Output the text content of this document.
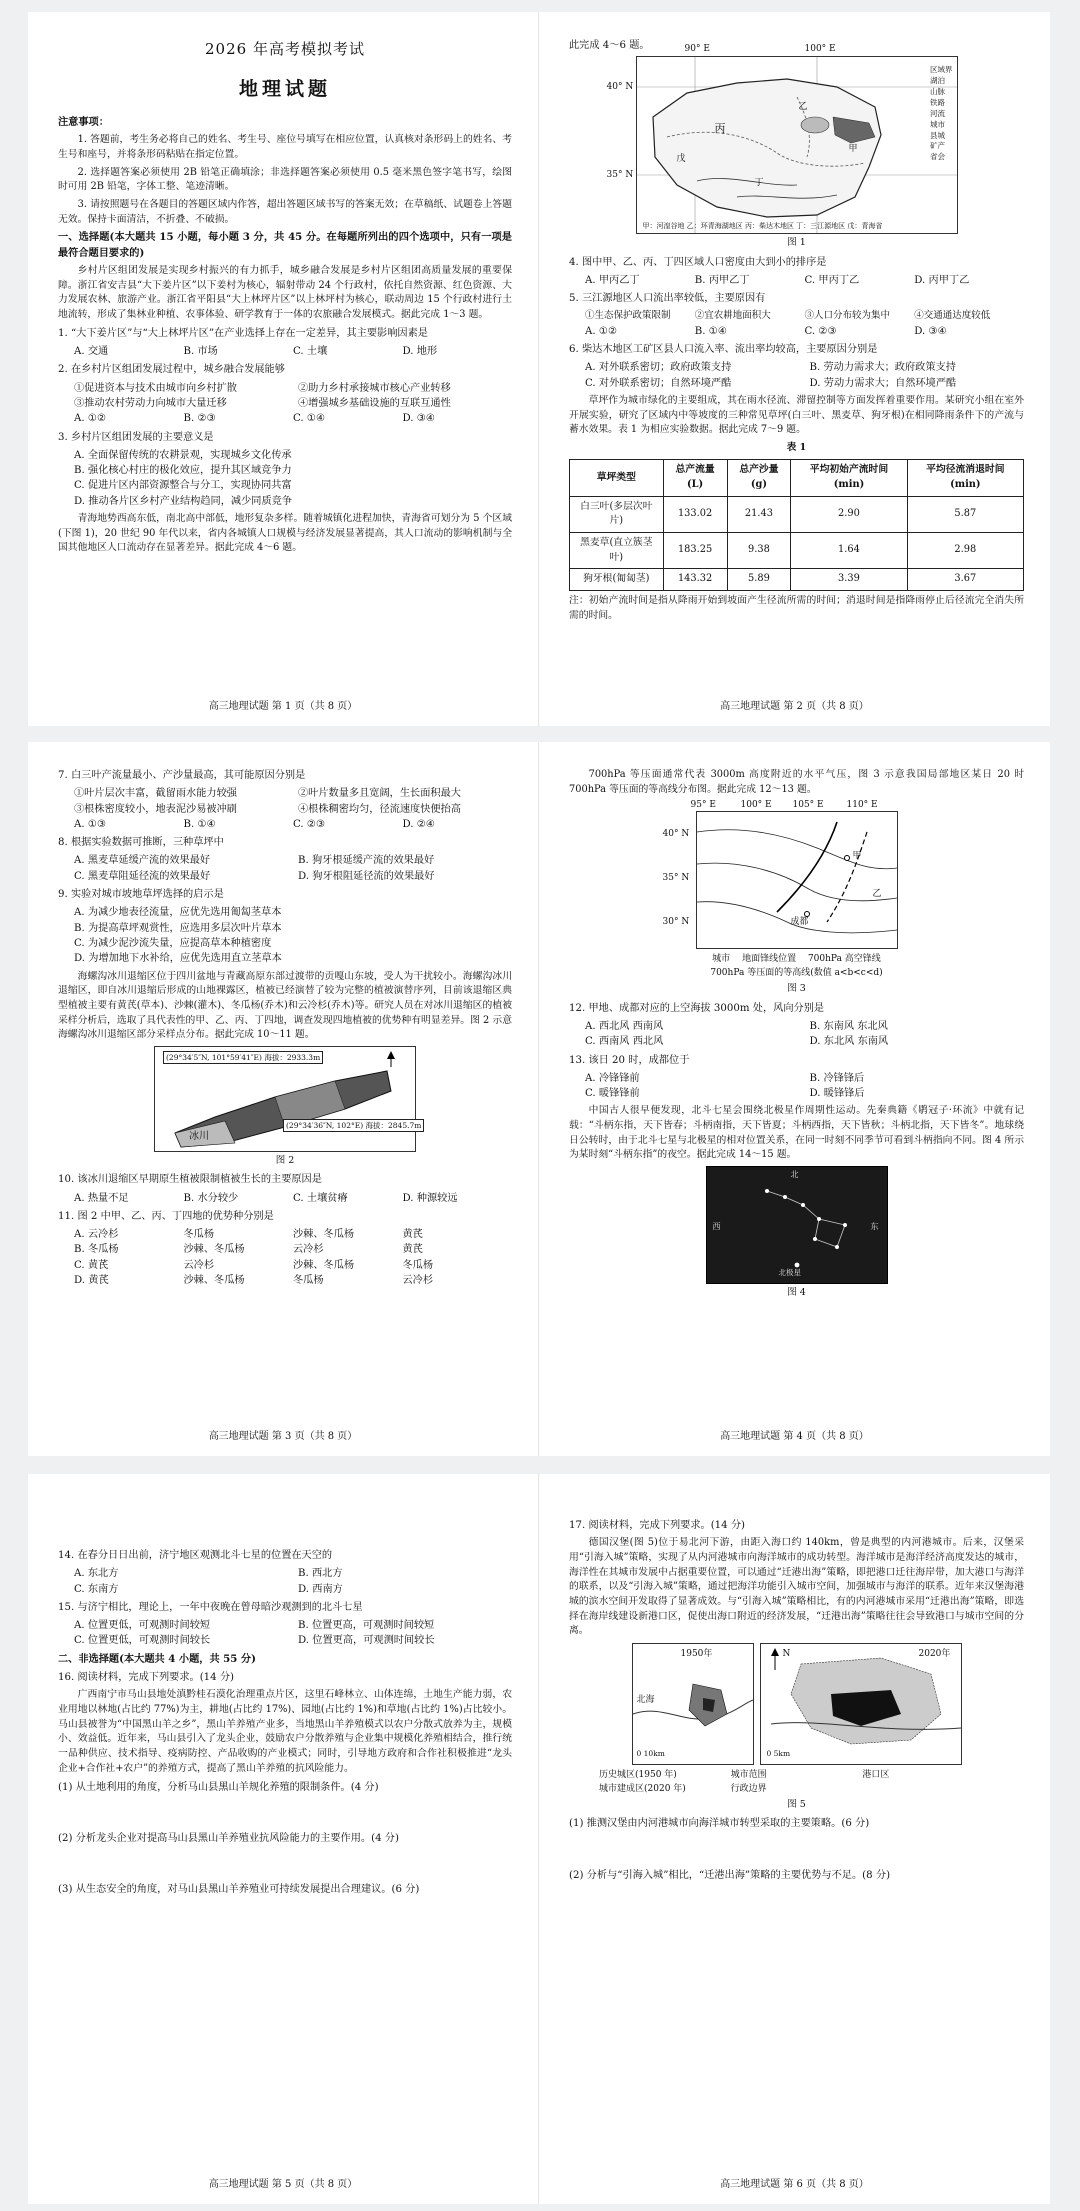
2026 年高考模拟考试
地理试题

注意事项：

1. 答题前，考生务必将自己的姓名、考生号、座位号填写在相应位置，认真核对条形码上的姓名、考生号和座号，并将条形码粘贴在指定位置。

2. 选择题答案必须使用 2B 铅笔正确填涂；非选择题答案必须使用 0.5 毫米黑色签字笔书写，绘图时可用 2B 铅笔，字体工整、笔迹清晰。

3. 请按照题号在各题目的答题区域内作答，超出答题区域书写的答案无效；在草稿纸、试题卷上答题无效。保持卡面清洁，不折叠、不破损。

一、选择题(本大题共 15 小题，每小题 3 分，共 45 分。在每题所列出的四个选项中，只有一项是最符合题目要求的)

乡村片区组团发展是实现乡村振兴的有力抓手，城乡融合发展是乡村片区组团高质量发展的重要保障。浙江省安吉县“大下姜片区”以下姜村为核心，辐射带动 24 个行政村，依托自然资源、红色资源、大力发展农林、旅游产业。浙江省平阳县“大上林坪片区”以上林坪村为核心，联动周边 15 个行政村进行土地流转，形成了集林业种植、农事体验、研学教育于一体的农旅融合发展模式。据此完成 1～3 题。

1. “大下姜片区”与“大上林坪片区”在产业选择上存在一定差异，其主要影响因素是

A. 交通	B. 市场	C. 土壤	D. 地形

2. 在乡村片区组团发展过程中，城乡融合发展能够

①促进资本与技术由城市向乡村扩散	②助力乡村承接城市核心产业转移
③推动农村劳动力向城市大量迁移	④增强城乡基础设施的互联互通性
A. ①②	B. ②③	C. ①④	D. ③④

3. 乡村片区组团发展的主要意义是

A. 全面保留传统的农耕景观，实现城乡文化传承
B. 强化核心村庄的极化效应，提升其区域竞争力
C. 促进片区内部资源整合与分工，实现协同共富
D. 推动各片区乡村产业结构趋同，减少同质竞争

青海地势西高东低，南北高中部低，地形复杂多样。随着城镇化进程加快，青海省可划分为 5 个区域(下图 1)，20 世纪 90 年代以来，省内各城镇人口规模与经济发展显著提高，其人口流动的影响机制与全国其他地区人口流动存在显著差异。据此完成 4～6 题。

高三地理试题 第 1 页（共 8 页）

此完成 4～6 题。	90° E	100° E
40° N
35° N
甲
乙
丙
丁
戊
区域界
湖泊
山脉
铁路
河流
城市
县城
矿产
省会
甲：河湟谷地 乙：环青海湖地区 丙：柴达木地区 丁：三江源地区 戊：青海省
图 1

4. 图中甲、乙、丙、丁四区域人口密度由大到小的排序是

A. 甲丙乙丁	B. 丙甲乙丁	C. 甲丙丁乙	D. 丙甲丁乙

5. 三江源地区人口流出率较低，主要原因有

①生态保护政策限制	②宜农耕地面积大	③人口分布较为集中	④交通通达度较低
A. ①②	B. ①④	C. ②③	D. ③④

6. 柴达木地区工矿区县人口流入率、流出率均较高，主要原因分别是

A. 对外联系密切；政府政策支持	B. 劳动力需求大；政府政策支持
C. 对外联系密切；自然环境严酷	D. 劳动力需求大；自然环境严酷

草坪作为城市绿化的主要组成，其在雨水径流、滞留控制等方面发挥着重要作用。某研究小组在室外开展实验，研究了区域内中等坡度的三种常见草坪(白三叶、黑麦草、狗牙根)在相同降雨条件下的产流与蓄水效果。表 1 为相应实验数据。据此完成 7～9 题。

表 1
草坪类型	总产流量(L)	总产沙量(g)	平均初始产流时间(min)	平均径流消退时间(min)
白三叶(多层次叶片)	133.02	21.43	2.90	5.87
黑麦草(直立簇茎叶)	183.25	9.38	1.64	2.98
狗牙根(匍匐茎)	143.32	5.89	3.39	3.67

注：初始产流时间是指从降雨开始到坡面产生径流所需的时间；消退时间是指降雨停止后径流完全消失所需的时间。

高三地理试题 第 2 页（共 8 页）

7. 白三叶产流量最小、产沙量最高，其可能原因分别是

①叶片层次丰富，截留雨水能力较强	②叶片数量多且宽阔，生长面积最大
③根株密度较小，地表泥沙易被冲刷	④根株稠密均匀，径流速度快便抬高
A. ①③	B. ①④	C. ②③	D. ②④

8. 根据实验数据可推断，三种草坪中

A. 黑麦草延缓产流的效果最好	B. 狗牙根延缓产流的效果最好
C. 黑麦草阻延径流的效果最好	D. 狗牙根阻延径流的效果最好

9. 实验对城市坡地草坪选择的启示是

A. 为减少地表径流量，应优先选用匍匐茎草本
B. 为提高草坪观赏性，应选用多层次叶片草本
C. 为减少泥沙流失量，应提高草本种植密度
D. 为增加地下水补给，应优先选用直立茎草本

海螺沟冰川退缩区位于四川盆地与青藏高原东部过渡带的贡嘎山东坡，受人为干扰较小。海螺沟冰川退缩区，即自冰川退缩后形成的山地裸露区，植被已经演替了较为完整的植被演替序列，目前该退缩区典型植被主要有黄芪(草本)、沙棘(灌木)、冬瓜杨(乔木)和云冷杉(乔木)等。研究人员在对冰川退缩区的植被采样分析后，选取了具代表性的甲、乙、丙、丁四地，调查发现四地植被的优势种有明显差异。图 2 示意海螺沟冰川退缩区部分采样点分布。据此完成 10～11 题。

(29°34′5″N, 101°59′41″E) 海拔：2933.3m
(29°34′36″N, 102°E) 海拔：2845.7m
冰川
图 2

10. 该冰川退缩区早期原生植被限制植被生长的主要原因是

A. 热量不足	B. 水分较少	C. 土壤贫瘠	D. 种源较远

11. 图 2 中甲、乙、丙、丁四地的优势种分别是

A. 云冷杉	冬瓜杨	沙棘、冬瓜杨	黄芪
B. 冬瓜杨	沙棘、冬瓜杨	云冷杉	黄芪
C. 黄芪	云冷杉	沙棘、冬瓜杨	冬瓜杨
D. 黄芪	沙棘、冬瓜杨	冬瓜杨	云冷杉
高三地理试题 第 3 页（共 8 页）

700hPa 等压面通常代表 3000m 高度附近的水平气压，图 3 示意我国局部地区某日 20 时 700hPa 等压面的等高线分布图。据此完成 12～13 题。

95° E	100° E 105° E	110° E
40° N
35° N
30° N
甲
乙
成都
城市　 地面锋线位置　 700hPa 高空锋线
700hPa 等压面的等高线(数值 a<b<c<d)
图 3

12. 甲地、成都对应的上空海拔 3000m 处，风向分别是

A. 西北风 西南风	B. 东南风 东北风
C. 西南风 西北风	D. 东北风 东南风

13. 该日 20 时，成都位于

A. 冷锋锋前	B. 冷锋锋后
C. 暖锋锋前	D. 暖锋锋后

中国古人很早便发现，北斗七星会围绕北极星作周期性运动。先秦典籍《鹖冠子·环流》中就有记载：“斗柄东指，天下皆春；斗柄南指，天下皆夏；斗柄西指，天下皆秋；斗柄北指，天下皆冬”。地球绕日公转时，由于北斗七星与北极星的相对位置关系，在同一时刻不同季节可看到斗柄指向不同。图 4 所示为某时刻“斗柄东指”的夜空。据此完成 14～15 题。

北极星
北
东
西
图 4
高三地理试题 第 4 页（共 8 页）

14. 在春分日日出前，济宁地区观测北斗七星的位置在天空的

A. 东北方	B. 西北方
C. 东南方	D. 西南方

15. 与济宁相比，理论上，一年中夜晚在曾母暗沙观测到的北斗七星

A. 位置更低，可观测时间较短	B. 位置更高，可观测时间较短
C. 位置更低，可观测时间较长	D. 位置更高，可观测时间较长

二、非选择题(本大题共 4 小题，共 55 分)

16. 阅读材料，完成下列要求。(14 分)

广西南宁市马山县地处滇黔桂石漠化治理重点片区，这里石峰林立、山体连绵，土地生产能力弱，农业用地以林地(占比约 77%)为主，耕地(占比约 17%)、园地(占比约 1%)和草地(占比约 1%)占比较小。马山县被誉为“中国黑山羊之乡”，黑山羊养殖产业多，当地黑山羊养殖模式以农户分散式放养为主，规模小、效益低。近年来，马山县引入了龙头企业，鼓励农户分散养殖与企业集中规模化养殖相结合，推行统一品种供应、技术指导、疫病防控、产品收购的产业模式；同时，引导地方政府和合作社积极推进“龙头企业+合作社+农户”的养殖方式，提高了黑山羊养殖的抗风险能力。

(1) 从土地利用的角度，分析马山县黑山羊规化养殖的限制条件。(4 分)

(2) 分析龙头企业对提高马山县黑山羊养殖业抗风险能力的主要作用。(4 分)

(3) 从生态安全的角度，对马山县黑山羊养殖业可持续发展提出合理建议。(6 分)

高三地理试题 第 5 页（共 8 页）

17. 阅读材料，完成下列要求。(14 分)

德国汉堡(图 5)位于易北河下游，由距入海口约 140km，曾是典型的内河港城市。后来，汉堡采用“引海入城”策略，实现了从内河港城市向海洋城市的成功转型。海洋城市是海洋经济高度发达的城市，海洋性在其城市发展中占据重要位置，可以通过“迁港出海”策略，即把港口迁往海岸带，加大港口与海洋的联系，以及“引海入城”策略，通过把海洋功能引入城市空间，加强城市与海洋的联系。近年来汉堡海港城的滨水空间开发取得了显著成效。与“引海入城”策略相比，有的内河港城市采用“迁港出海”策略，即选择在海岸线建设新港口区，促使出海口附近的经济发展，“迁港出海”策略往往会导致港口与城市空间的分离。

1950年
北海
0 10km
N	2020年
0 5km
历史城区(1950 年)	城市范围	港口区
城市建成区(2020 年)	行政边界
图 5

(1) 推测汉堡由内河港城市向海洋城市转型采取的主要策略。(6 分)

(2) 分析与“引海入城”相比，“迁港出海”策略的主要优势与不足。(8 分)

高三地理试题 第 6 页（共 8 页）
